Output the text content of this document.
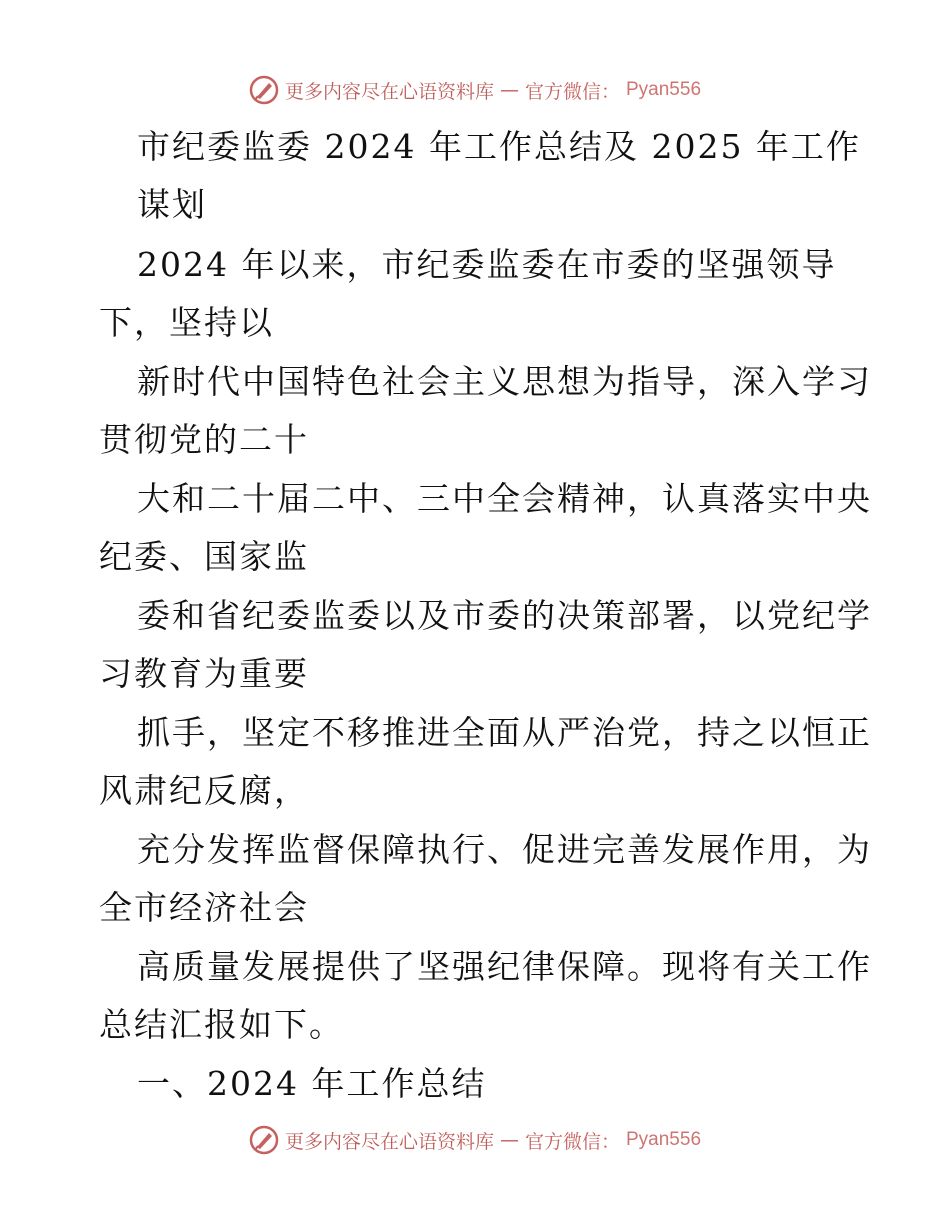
更多内容尽在心语资料库 — 官方微信： Pyan556
市纪委监委 2024 年工作总结及 2025 年工作
谋划
2024 年以来，市纪委监委在市委的坚强领导
下，坚持以
新时代中国特色社会主义思想为指导，深入学习
贯彻党的二十
大和二十届二中、三中全会精神，认真落实中央
纪委、国家监
委和省纪委监委以及市委的决策部署，以党纪学
习教育为重要
抓手，坚定不移推进全面从严治党，持之以恒正
风肃纪反腐，
充分发挥监督保障执行、促进完善发展作用，为
全市经济社会
高质量发展提供了坚强纪律保障。现将有关工作
总结汇报如下。
一、2024 年工作总结
更多内容尽在心语资料库 — 官方微信： Pyan556
